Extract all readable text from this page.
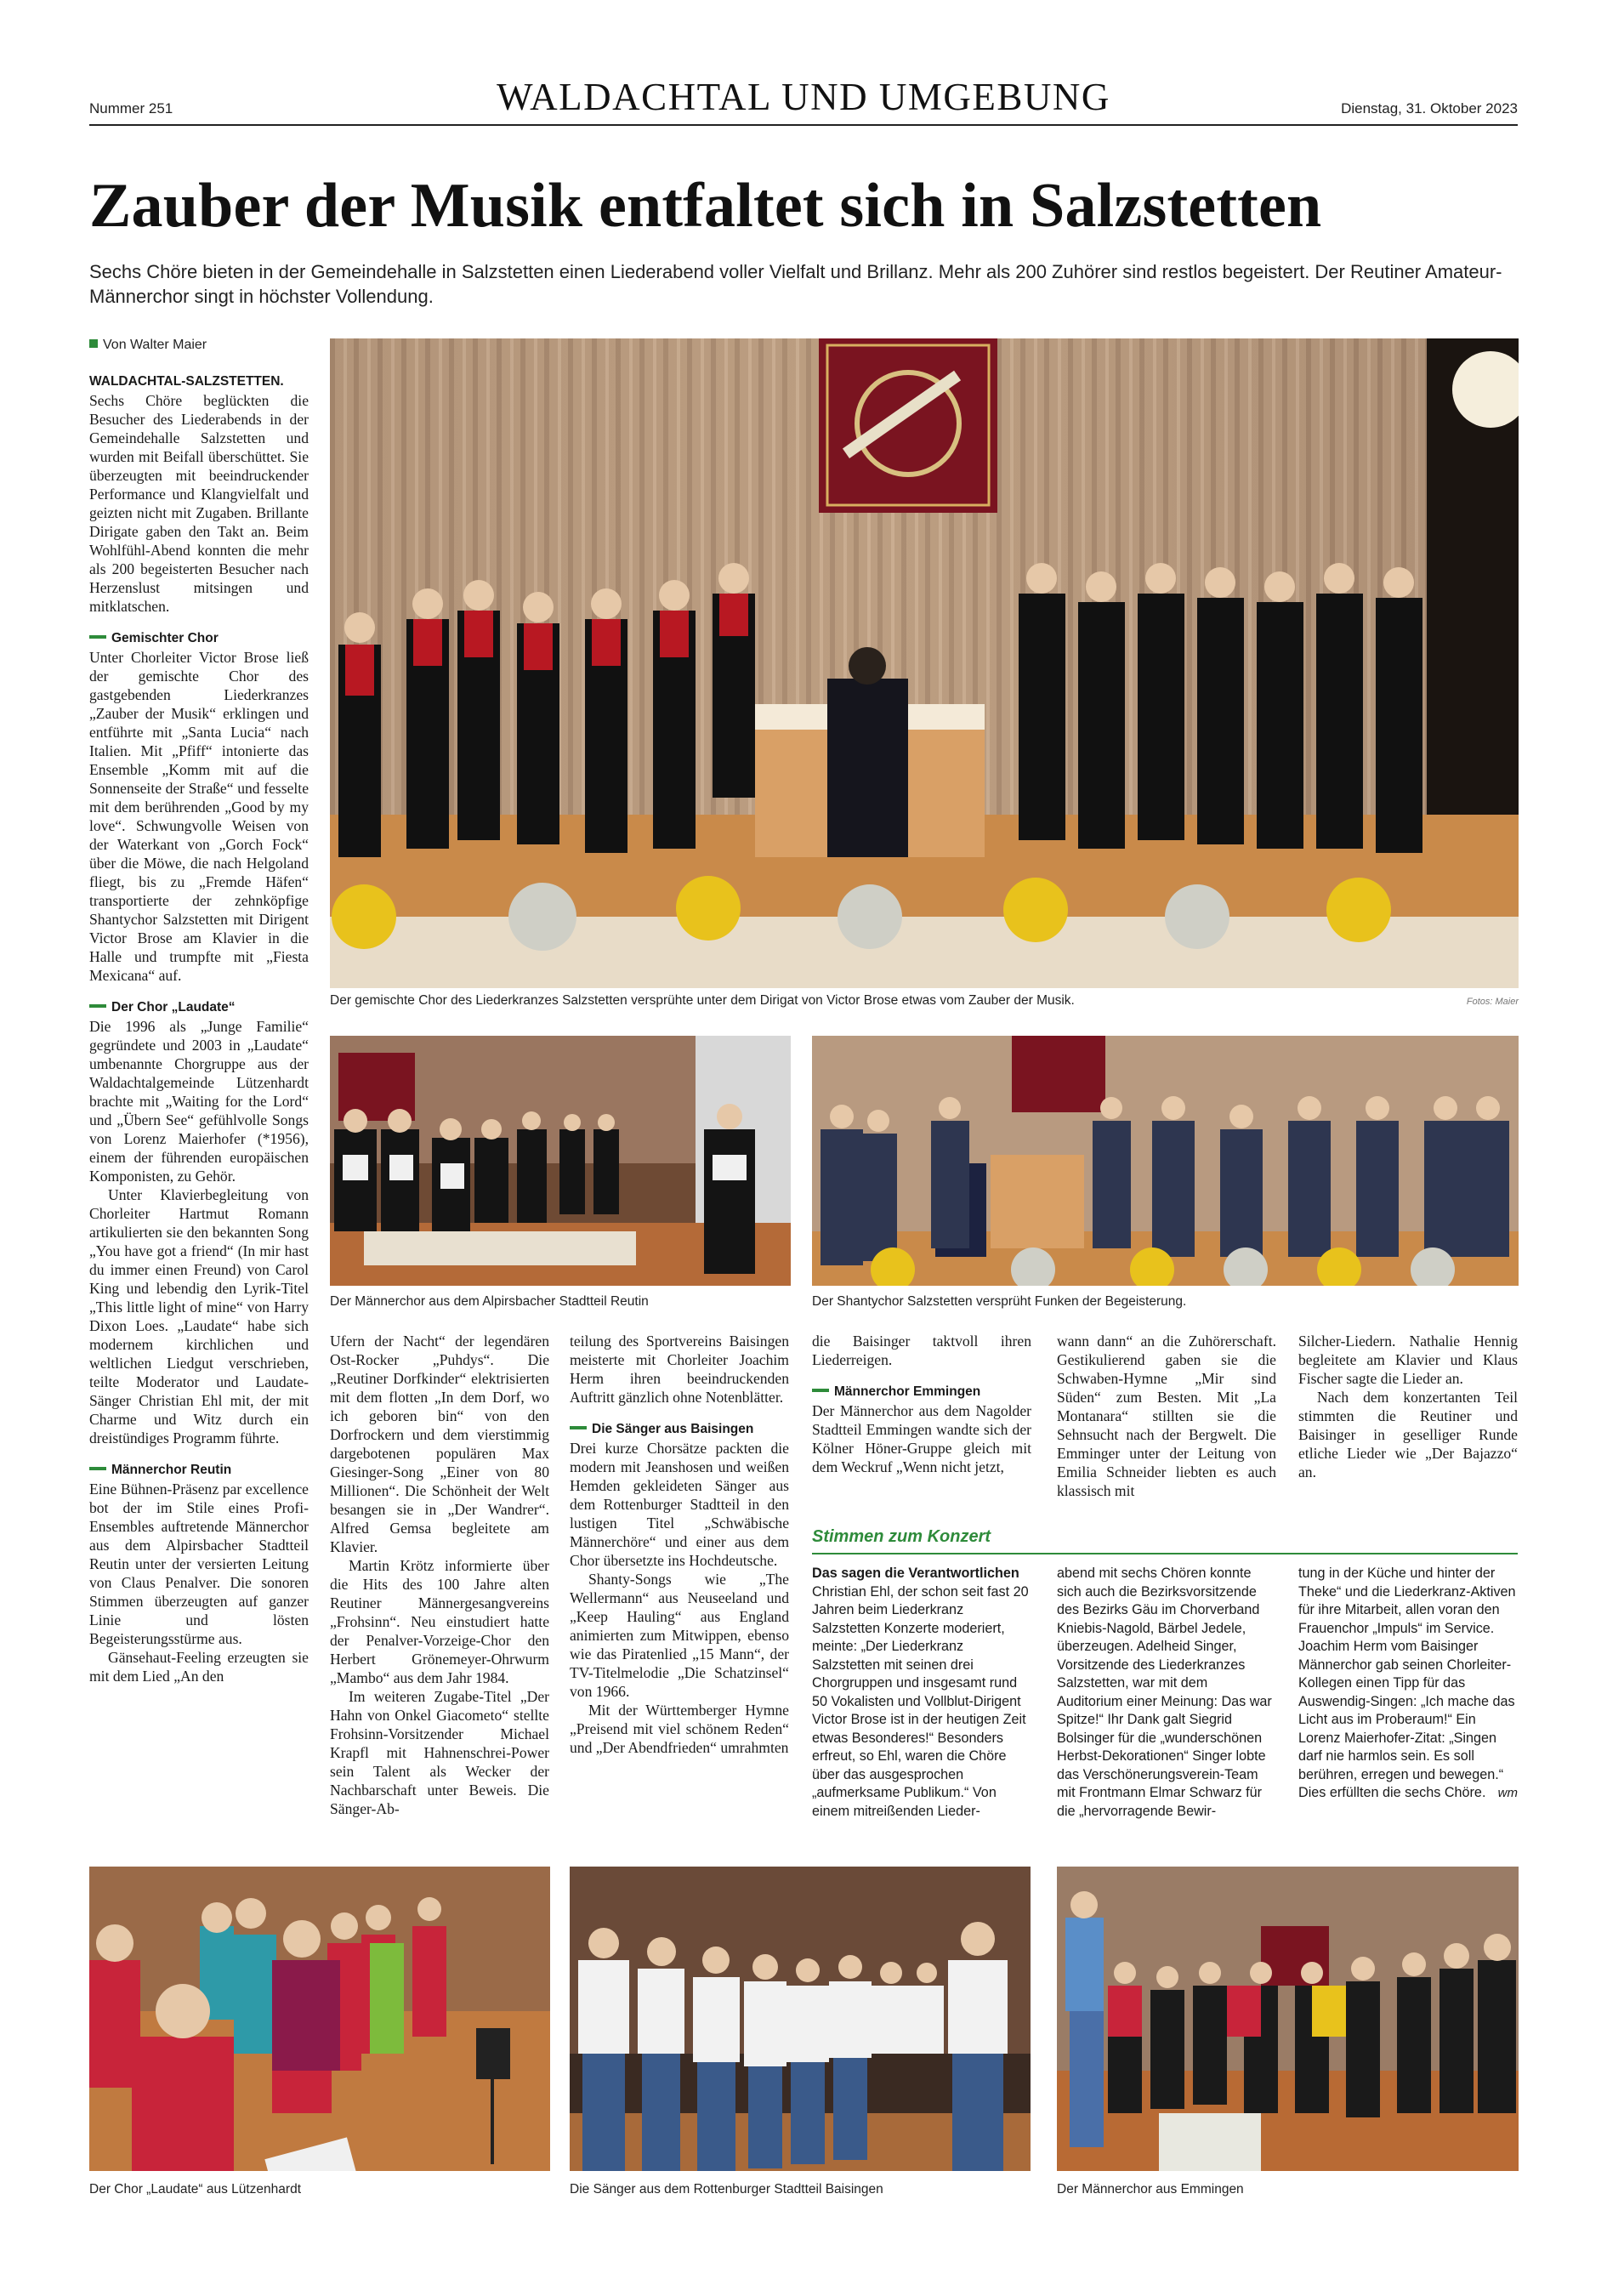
Nummer 251	WALDACHTAL UND UMGEBUNG	Dienstag, 31. Oktober 2023
Zauber der Musik entfaltet sich in Salzstetten
Sechs Chöre bieten in der Gemeindehalle in Salzstetten einen Liederabend voller Vielfalt und Brillanz. Mehr als 200 Zuhörer sind restlos begeistert. Der Reutiner Amateur- Männerchor singt in höchster Vollendung.
Von Walter Maier

WALDACHTAL-SALZSTETTEN.
Sechs Chöre beglückten die Besucher des Liederabends in der Gemeindehalle Salzstetten und wurden mit Beifall überschüttet. Sie überzeugten mit beeindruckender Performance und Klangvielfalt und geizten nicht mit Zugaben. Brillante Dirigate gaben den Takt an. Beim Wohlfühl-Abend konnten die mehr als 200 begeisterten Besucher nach Herzenslust mitsingen und mitklatschen.

Gemischter Chor

Unter Chorleiter Victor Brose ließ der gemischte Chor des gastgebenden Liederkranzes „Zauber der Musik“ erklingen und entführte mit „Santa Lucia“ nach Italien. Mit „Pfiff“ intonierte das Ensemble „Komm mit auf die Sonnenseite der Straße“ und fesselte mit dem berührenden „Good by my love“. Schwungvolle Weisen von der Waterkant von „Gorch Fock“ über die Möwe, die nach Helgoland fliegt, bis zu „Fremde Häfen“ transportierte der zehnköpfige Shantychor Salzstetten mit Dirigent Victor Brose am Klavier in die Halle und trumpfte mit „Fiesta Mexicana“ auf.

Der Chor „Laudate“

Die 1996 als „Junge Familie“ gegründete und 2003 in „Laudate“ umbenannte Chorgruppe aus der Waldachtalgemeinde Lützenhardt brachte mit „Waiting for the Lord“ und „Übern See“ gefühlvolle Songs von Lorenz Maierhofer (*1956), einem der führenden europäischen Komponisten, zu Gehör.

Unter Klavierbegleitung von Chorleiter Hartmut Romann artikulierten sie den bekannten Song „You have got a friend“ (In mir hast du immer einen Freund) von Carol King und lebendig den Lyrik-Titel „This little light of mine“ von Harry Dixon Loes. „Laudate“ habe sich modernem kirchlichen und weltlichen Liedgut verschrieben, teilte Moderator und Laudate-Sänger Christian Ehl mit, der mit Charme und Witz durch ein dreistündiges Programm führte.

Männerchor Reutin

Eine Bühnen-Präsenz par excellence bot der im Stile eines Profi-Ensembles auftretende Männerchor aus dem Alpirsbacher Stadtteil Reutin unter der versierten Leitung von Claus Penalver. Die sonoren Stimmen überzeugten auf ganzer Linie und lösten Begeisterungsstürme aus.

Gänsehaut-Feeling erzeugten sie mit dem Lied „An den

Der gemischte Chor des Liederkranzes Salzstetten versprühte unter dem Dirigat von Victor Brose etwas vom Zauber der Musik.	Fotos: Maier
Der Männerchor aus dem Alpirsbacher Stadtteil Reutin	Der Shantychor Salzstetten versprüht Funken der Begeisterung.

Ufern der Nacht“ der legendären Ost-Rocker „Puhdys“. Die „Reutiner Dorfkinder“ elektrisierten mit dem flotten „In dem Dorf, wo ich geboren bin“ von den Dorfrockern und dem vierstimmig dargebotenen populären Max Giesinger-Song „Einer von 80 Millionen“. Die Schönheit der Welt besangen sie in „Der Wandrer“. Alfred Gemsa begleitete am Klavier.

Martin Krötz informierte über die Hits des 100 Jahre alten Reutiner Männergesangvereins „Frohsinn“. Neu einstudiert hatte der Penalver-Vorzeige-Chor den Herbert Grönemeyer-Ohrwurm „Mambo“ aus dem Jahr 1984.

Im weiteren Zugabe-Titel „Der Hahn von Onkel Giacometo“ stellte Frohsinn-Vorsitzender Michael Krapfl mit Hahnenschrei-Power sein Talent als Wecker der Nachbarschaft unter Beweis. Die Sänger-Ab-

teilung des Sportvereins Baisingen meisterte mit Chorleiter Joachim Herm ihren beeindruckenden Auftritt gänzlich ohne Notenblätter.

Die Sänger aus Baisingen

Drei kurze Chorsätze packten die modern mit Jeanshosen und weißen Hemden gekleideten Sänger aus dem Rottenburger Stadtteil in den lustigen Titel „Schwäbische Männerchöre“ und einer aus dem Chor übersetzte ins Hochdeutsche.

Shanty-Songs wie „The Wellermann“ aus Neuseeland und „Keep Hauling“ aus England animierten zum Mitwippen, ebenso wie das Piratenlied „15 Mann“, der TV-Titelmelodie „Die Schatzinsel“ von 1966.

Mit der Württemberger Hymne „Preisend mit viel schönem Reden“ und „Der Abendfrieden“ umrahmten

die Baisinger taktvoll ihren Liederreigen.

Männerchor Emmingen

Der Männerchor aus dem Nagolder Stadtteil Emmingen wandte sich der Kölner Höner-Gruppe gleich mit dem Weckruf „Wenn nicht jetzt,

wann dann“ an die Zuhörerschaft. Gestikulierend gaben sie die Schwaben-Hymne „Mir sind Süden“ zum Besten. Mit „La Montanara“ stillten sie die Sehnsucht nach der Bergwelt. Die Emminger unter der Leitung von Emilia Schneider liebten es auch klassisch mit

Silcher-Liedern. Nathalie Hennig begleitete am Klavier und Klaus Fischer sagte die Lieder an.

Nach dem konzertanten Teil stimmten die Reutiner und Baisinger in geselliger Runde etliche Lieder wie „Der Bajazzo“ an.

Stimmen zum Konzert
Das sagen die Verantwortlichen Christian Ehl, der schon seit fast 20 Jahren beim Liederkranz Salzstetten Konzerte moderiert, meinte: „Der Liederkranz Salzstetten mit seinen drei Chorgruppen und insgesamt rund 50 Vokalisten und Vollblut-Dirigent Victor Brose ist in der heutigen Zeit etwas Besonderes!“ Besonders erfreut, so Ehl, waren die Chöre über das ausgesprochen „aufmerksame Publikum.“ Von einem mitreißenden Lieder-
abend mit sechs Chören konnte sich auch die Bezirksvorsitzende des Bezirks Gäu im Chorverband Kniebis-Nagold, Bärbel Jedele, überzeugen. Adelheid Singer, Vorsitzende des Liederkranzes Salzstetten, war mit dem Auditorium einer Meinung: Das war Spitze!“ Ihr Dank galt Siegrid Bolsinger für die „wunderschönen Herbst-Dekorationen“ Singer lobte das Verschönerungsverein-Team mit Frontmann Elmar Schwarz für die „hervorragende Bewir-
tung in der Küche und hinter der Theke“ und die Liederkranz-Aktiven für ihre Mitarbeit, allen voran den Frauenchor „Impuls“ im Service. Joachim Herm vom Baisinger Männerchor gab seinen Chorleiter-Kollegen einen Tipp für das Auswendig-Singen: „Ich mache das Licht aus im Proberaum!“ Ein Lorenz Maierhofer-Zitat: „Singen darf nie harmlos sein. Es soll berühren, erregen und bewegen.“ Dies erfüllten die sechs Chöre. wm
Der Chor „Laudate“ aus Lützenhardt	Die Sänger aus dem Rottenburger Stadtteil Baisingen	Der Männerchor aus Emmingen
